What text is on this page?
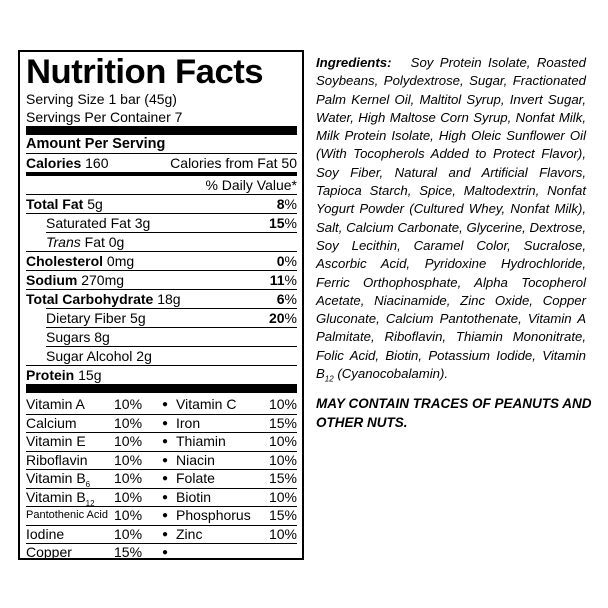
Nutrition Facts
Serving Size 1 bar (45g)
Servings Per Container 7
Amount Per Serving
Calories 160	Calories from Fat 50
% Daily Value*
Total Fat 5g	8%
Saturated Fat 3g	15%
Trans Fat 0g
Cholesterol 0mg	0%
Sodium 270mg	11%
Total Carbohydrate 18g	6%
Dietary Fiber 5g	20%
Sugars 8g
Sugar Alcohol 2g
Protein 15g
Vitamin A	10%	● Vitamin C	10%
Calcium	10%	● Iron	15%
Vitamin E	10%	● Thiamin	10%
Riboflavin	10%	● Niacin	10%
Vitamin $B_6$	10%	● Folate	15%
Vitamin $B_{12}$	10%	● Biotin	10%
Pantothenic Acid 10%	● Phosphorus	15%
Iodine	10%	● Zinc	10%
Copper	15%	●
Ingredients: Soy Protein Isolate, Roasted Soybeans, Polydextrose, Sugar, Fractionated Palm Kernel Oil, Maltitol Syrup, Invert Sugar, Water, High Maltose Corn Syrup, Nonfat Milk, Milk Protein Isolate, High Oleic Sunflower Oil (With Tocopherols Added to Protect Flavor), Soy Fiber, Natural and Artificial Flavors, Tapioca Starch, Spice, Maltodextrin, Nonfat Yogurt Powder (Cultured Whey, Nonfat Milk), Salt, Calcium Carbonate, Glycerine, Dextrose, Soy Lecithin, Caramel Color, Sucralose, Ascorbic Acid, Pyridoxine Hydrochloride, Ferric Orthophosphate, Alpha Tocopherol Acetate, Niacinamide, Zinc Oxide, Copper Gluconate, Calcium Pantothenate, Vitamin A Palmitate, Riboflavin, Thiamin Mononitrate, Folic Acid, Biotin, Potassium Iodide, Vitamin $B_{12}$ (Cyanocobalamin).
MAY CONTAIN TRACES OF PEANUTS AND OTHER NUTS.
